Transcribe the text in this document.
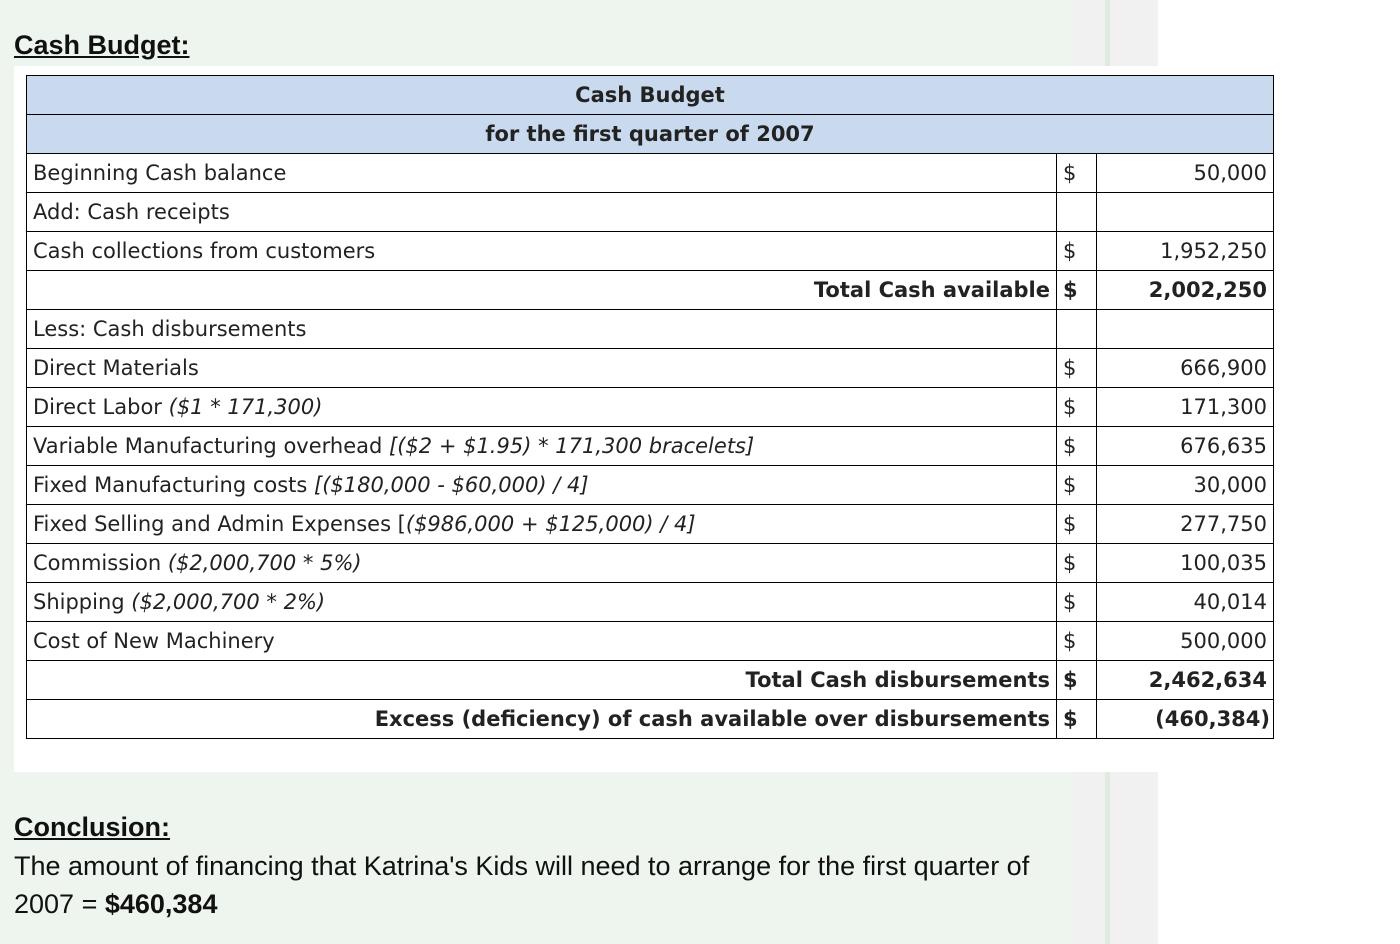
Cash Budget:
Cash Budget		
for the first quarter of 2007		
Beginning Cash balance	$	50,000
Add: Cash receipts		
Cash collections from customers	$	1,952,250
Total Cash available	$	2,002,250
Less: Cash disbursements		
Direct Materials	$	666,900
Direct Labor ($1 * 171,300)	$	171,300
Variable Manufacturing overhead [($2 + $1.95) * 171,300 bracelets]	$	676,635
Fixed Manufacturing costs [($180,000 - $60,000) / 4]	$	30,000
Fixed Selling and Admin Expenses [($986,000 + $125,000) / 4]	$	277,750
Commission ($2,000,700 * 5%)	$	100,035
Shipping ($2,000,700 * 2%)	$	40,014
Cost of New Machinery	$	500,000
Total Cash disbursements	$	2,462,634
Excess (deficiency) of cash available over disbursements	$	(460,384)
Conclusion:

The amount of financing that Katrina's Kids will need to arrange for the first quarter of 2007 = $460,384
